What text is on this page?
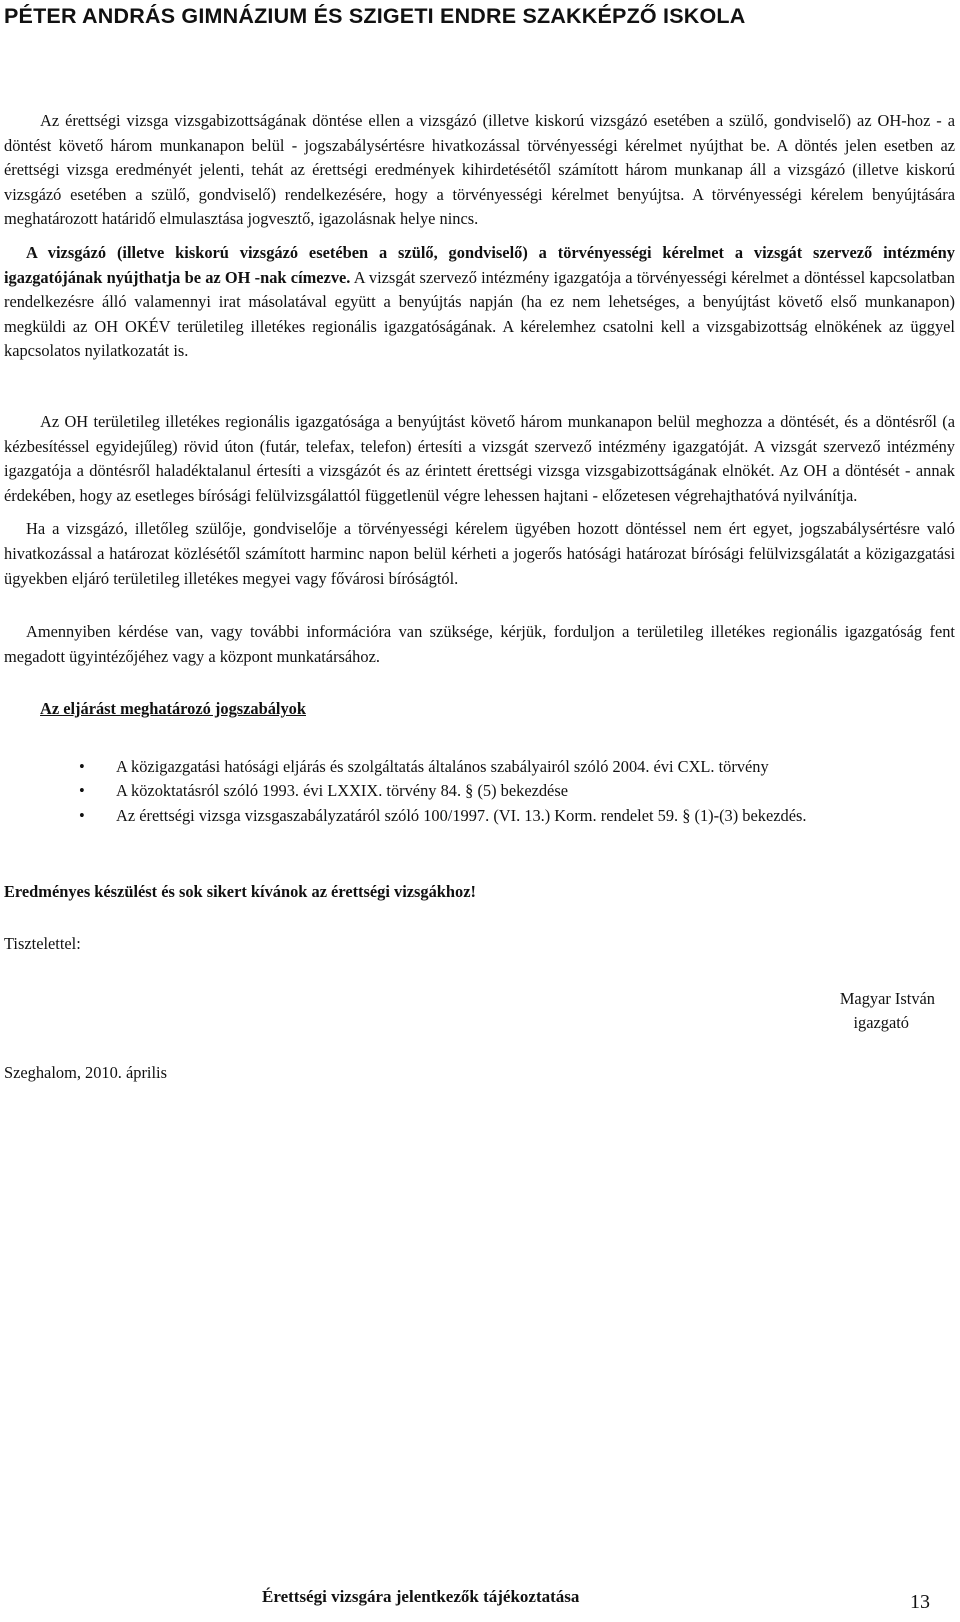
PÉTER ANDRÁS GIMNÁZIUM ÉS SZIGETI ENDRE SZAKKÉPZŐ ISKOLA

Az érettségi vizsga vizsgabizottságának döntése ellen a vizsgázó (illetve kiskorú vizsgázó esetében a szülő, gondviselő) az OH-hoz - a döntést követő három munkanapon belül - jogszabálysértésre hivatkozással törvényességi kérelmet nyújthat be. A döntés jelen esetben az érettségi vizsga eredményét jelenti, tehát az érettségi eredmények kihirdetésétől számított három munkanap áll a vizsgázó (illetve kiskorú vizsgázó esetében a szülő, gondviselő) rendelkezésére, hogy a törvényességi kérelmet benyújtsa. A törvényességi kérelem benyújtására meghatározott határidő elmulasztása jogvesztő, igazolásnak helye nincs.

A vizsgázó (illetve kiskorú vizsgázó esetében a szülő, gondviselő) a törvényességi kérelmet a vizsgát szervező intézmény igazgatójának nyújthatja be az OH -nak címezve. A vizsgát szervező intézmény igazgatója a törvényességi kérelmet a döntéssel kapcsolatban rendelkezésre álló valamennyi irat másolatával együtt a benyújtás napján (ha ez nem lehetséges, a benyújtást követő első munkanapon) megküldi az OH OKÉV területileg illetékes regionális igazgatóságának. A kérelemhez csatolni kell a vizsgabizottság elnökének az üggyel kapcsolatos nyilatkozatát is.

Az OH területileg illetékes regionális igazgatósága a benyújtást követő három munkanapon belül meghozza a döntését, és a döntésről (a kézbesítéssel egyidejűleg) rövid úton (futár, telefax, telefon) értesíti a vizsgát szervező intézmény igazgatóját. A vizsgát szervező intézmény igazgatója a döntésről haladéktalanul értesíti a vizsgázót és az érintett érettségi vizsga vizsgabizottságának elnökét. Az OH a döntését - annak érdekében, hogy az esetleges bírósági felülvizsgálattól függetlenül végre lehessen hajtani - előzetesen végrehajthatóvá nyilvánítja.

Ha a vizsgázó, illetőleg szülője, gondviselője a törvényességi kérelem ügyében hozott döntéssel nem ért egyet, jogszabálysértésre való hivatkozással a határozat közlésétől számított harminc napon belül kérheti a jogerős hatósági határozat bírósági felülvizsgálatát a közigazgatási ügyekben eljáró területileg illetékes megyei vagy fővárosi bíróságtól.

Amennyiben kérdése van, vagy további információra van szüksége, kérjük, forduljon a területileg illetékes regionális igazgatóság fent megadott ügyintézőjéhez vagy a központ munkatársához.

Az eljárást meghatározó jogszabályok

• A közigazgatási hatósági eljárás és szolgáltatás általános szabályairól szóló 2004. évi CXL. törvény
• A közoktatásról szóló 1993. évi LXXIX. törvény 84. § (5) bekezdése
• Az érettségi vizsga vizsgaszabályzatáról szóló 100/1997. (VI. 13.) Korm. rendelet 59. § (1)-(3) bekezdés.

Eredményes készülést és sok sikert kívánok az érettségi vizsgákhoz!

Tisztelettel:

Magyar István
igazgató

Szeghalom, 2010. április

Érettségi vizsgára jelentkezők tájékoztatása	13
